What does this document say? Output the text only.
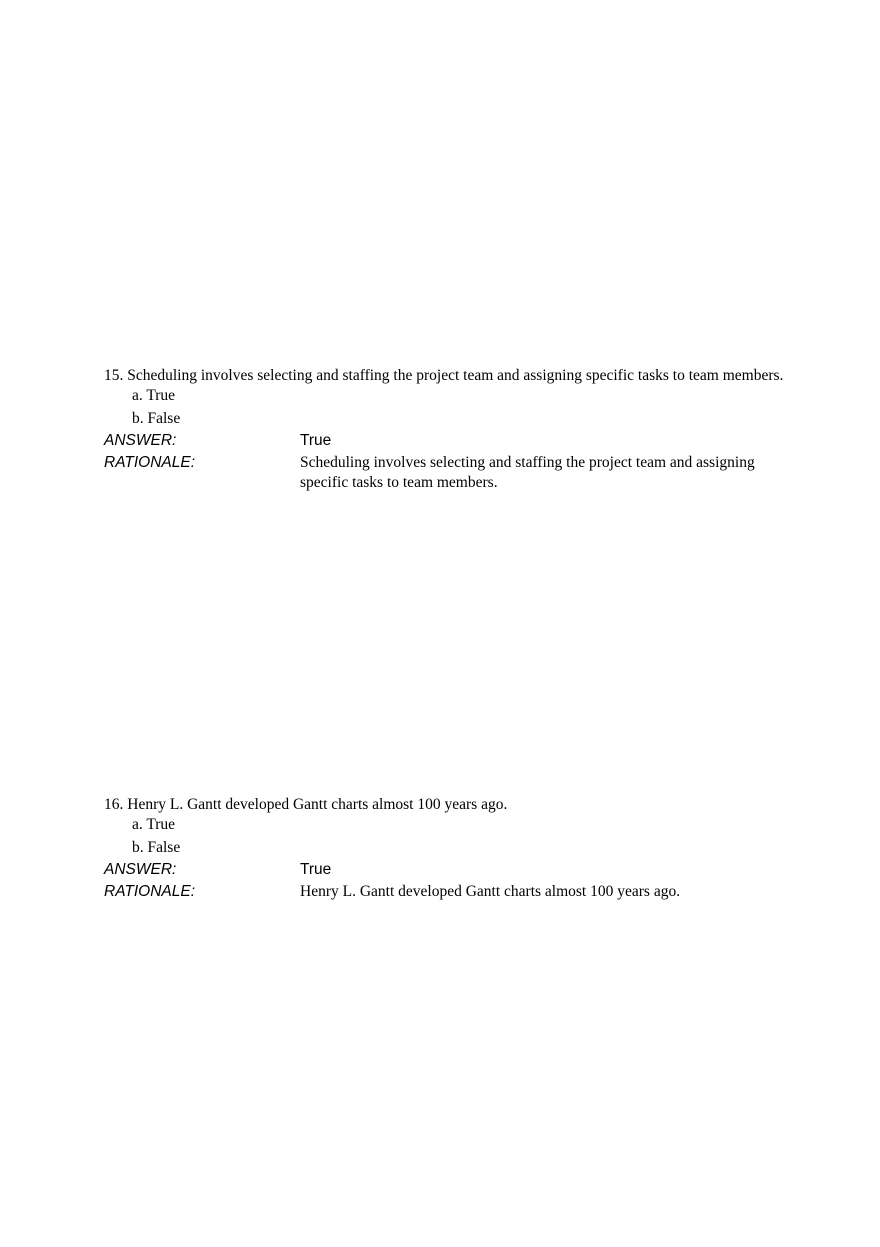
15. Scheduling involves selecting and staffing the project team and assigning specific tasks to team members.

a. True
b. False
ANSWER:	True
RATIONALE:	Scheduling involves selecting and staffing the project team and assigning specific tasks to team members.

16. Henry L. Gantt developed Gantt charts almost 100 years ago.

a. True
b. False
ANSWER:	True
RATIONALE:	Henry L. Gantt developed Gantt charts almost 100 years ago.
